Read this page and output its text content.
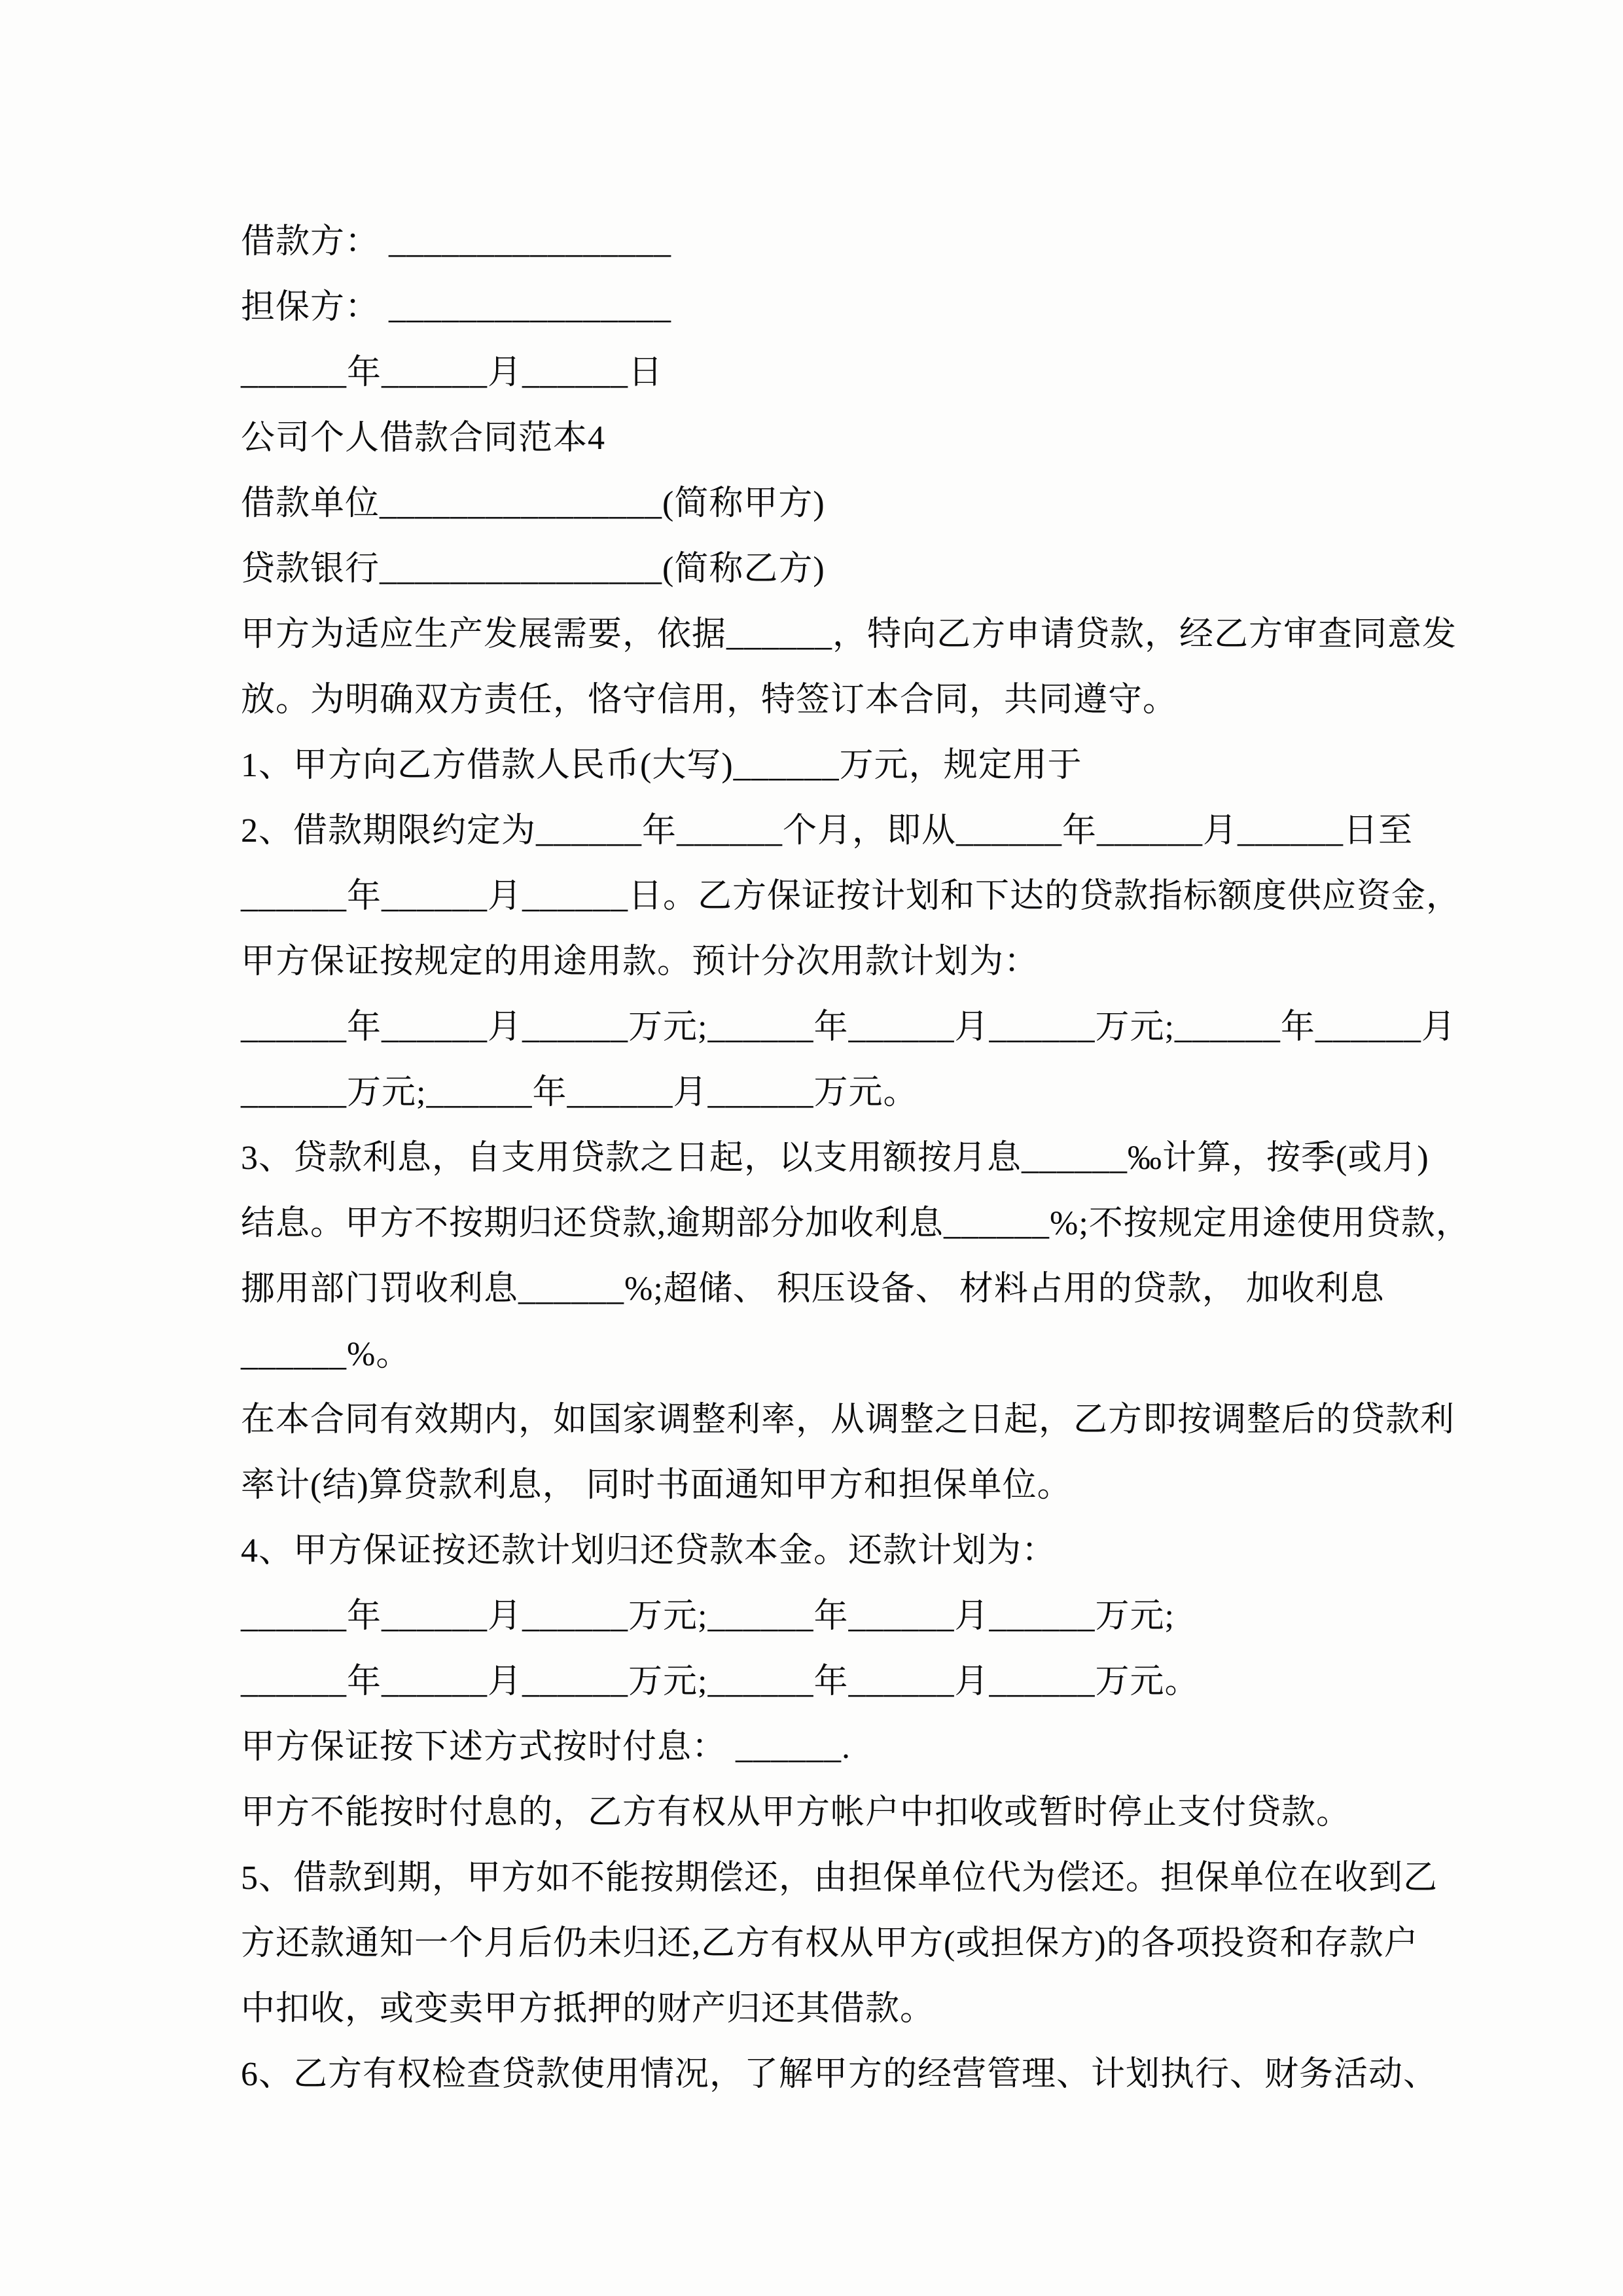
借款方： ________________
担保方： ________________
______年______月______日
公司个人借款合同范本4
借款单位________________(简称甲方)
贷款银行________________(简称乙方)
甲方为适应生产发展需要，依据______，特向乙方申请贷款，经乙方审查同意发
放。为明确双方责任，恪守信用，特签订本合同，共同遵守。
1、甲方向乙方借款人民币(大写)______万元，规定用于
2、借款期限约定为______年______个月，即从______年______月______日至
______年______月______日。乙方保证按计划和下达的贷款指标额度供应资金，
甲方保证按规定的用途用款。预计分次用款计划为：
______年______月______万元;______年______月______万元;______年______月
______万元;______年______月______万元。
3、贷款利息，自支用贷款之日起，以支用额按月息______‰计算，按季(或月)
结息。甲方不按期归还贷款,逾期部分加收利息______%;不按规定用途使用贷款，
挪用部门罚收利息______%;超储、 积压设备、 材料占用的贷款， 加收利息
______%。
在本合同有效期内，如国家调整利率，从调整之日起，乙方即按调整后的贷款利
率计(结)算贷款利息， 同时书面通知甲方和担保单位。
4、甲方保证按还款计划归还贷款本金。还款计划为：
______年______月______万元;______年______月______万元;
______年______月______万元;______年______月______万元。
甲方保证按下述方式按时付息： ______.
甲方不能按时付息的，乙方有权从甲方帐户中扣收或暂时停止支付贷款。
5、借款到期，甲方如不能按期偿还，由担保单位代为偿还。担保单位在收到乙
方还款通知一个月后仍未归还,乙方有权从甲方(或担保方)的各项投资和存款户
中扣收，或变卖甲方抵押的财产归还其借款。
6、乙方有权检查贷款使用情况，了解甲方的经营管理、计划执行、财务活动、
